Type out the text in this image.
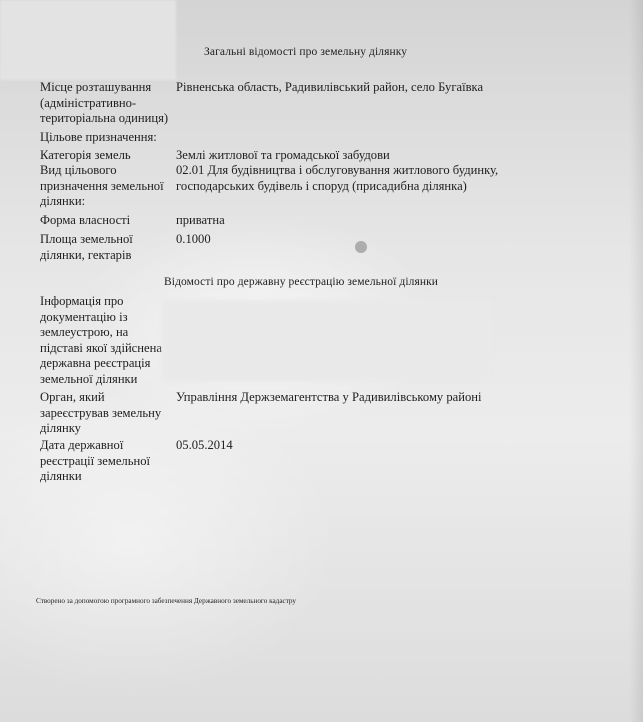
Загальні відомості про земельну ділянку
Місце розташування (адміністративно-територіальна одиниця)
Рівненська область, Радивилівський район, село Бугаївка
Цільове призначення:
Категорія земель	Землі житлової та громадської забудови
Вид цільового призначення земельної ділянки:
02.01 Для будівництва і обслуговування житлового будинку, господарських будівель і споруд (присадибна ділянка)
Форма власності	приватна
Площа земельної ділянки, гектарів
0.1000
Відомості про державну реєстрацію земельної ділянки
Інформація про документацію із землеустрою, на підставі якої здійснена державна реєстрація земельної ділянки
Орган, який зареєстрував земельну ділянку
Управління Держземагентства у Радивилівському районі
Дата державної реєстрації земельної ділянки
05.05.2014
Створено за допомогою програмного забезпечення Державного земельного кадастру
